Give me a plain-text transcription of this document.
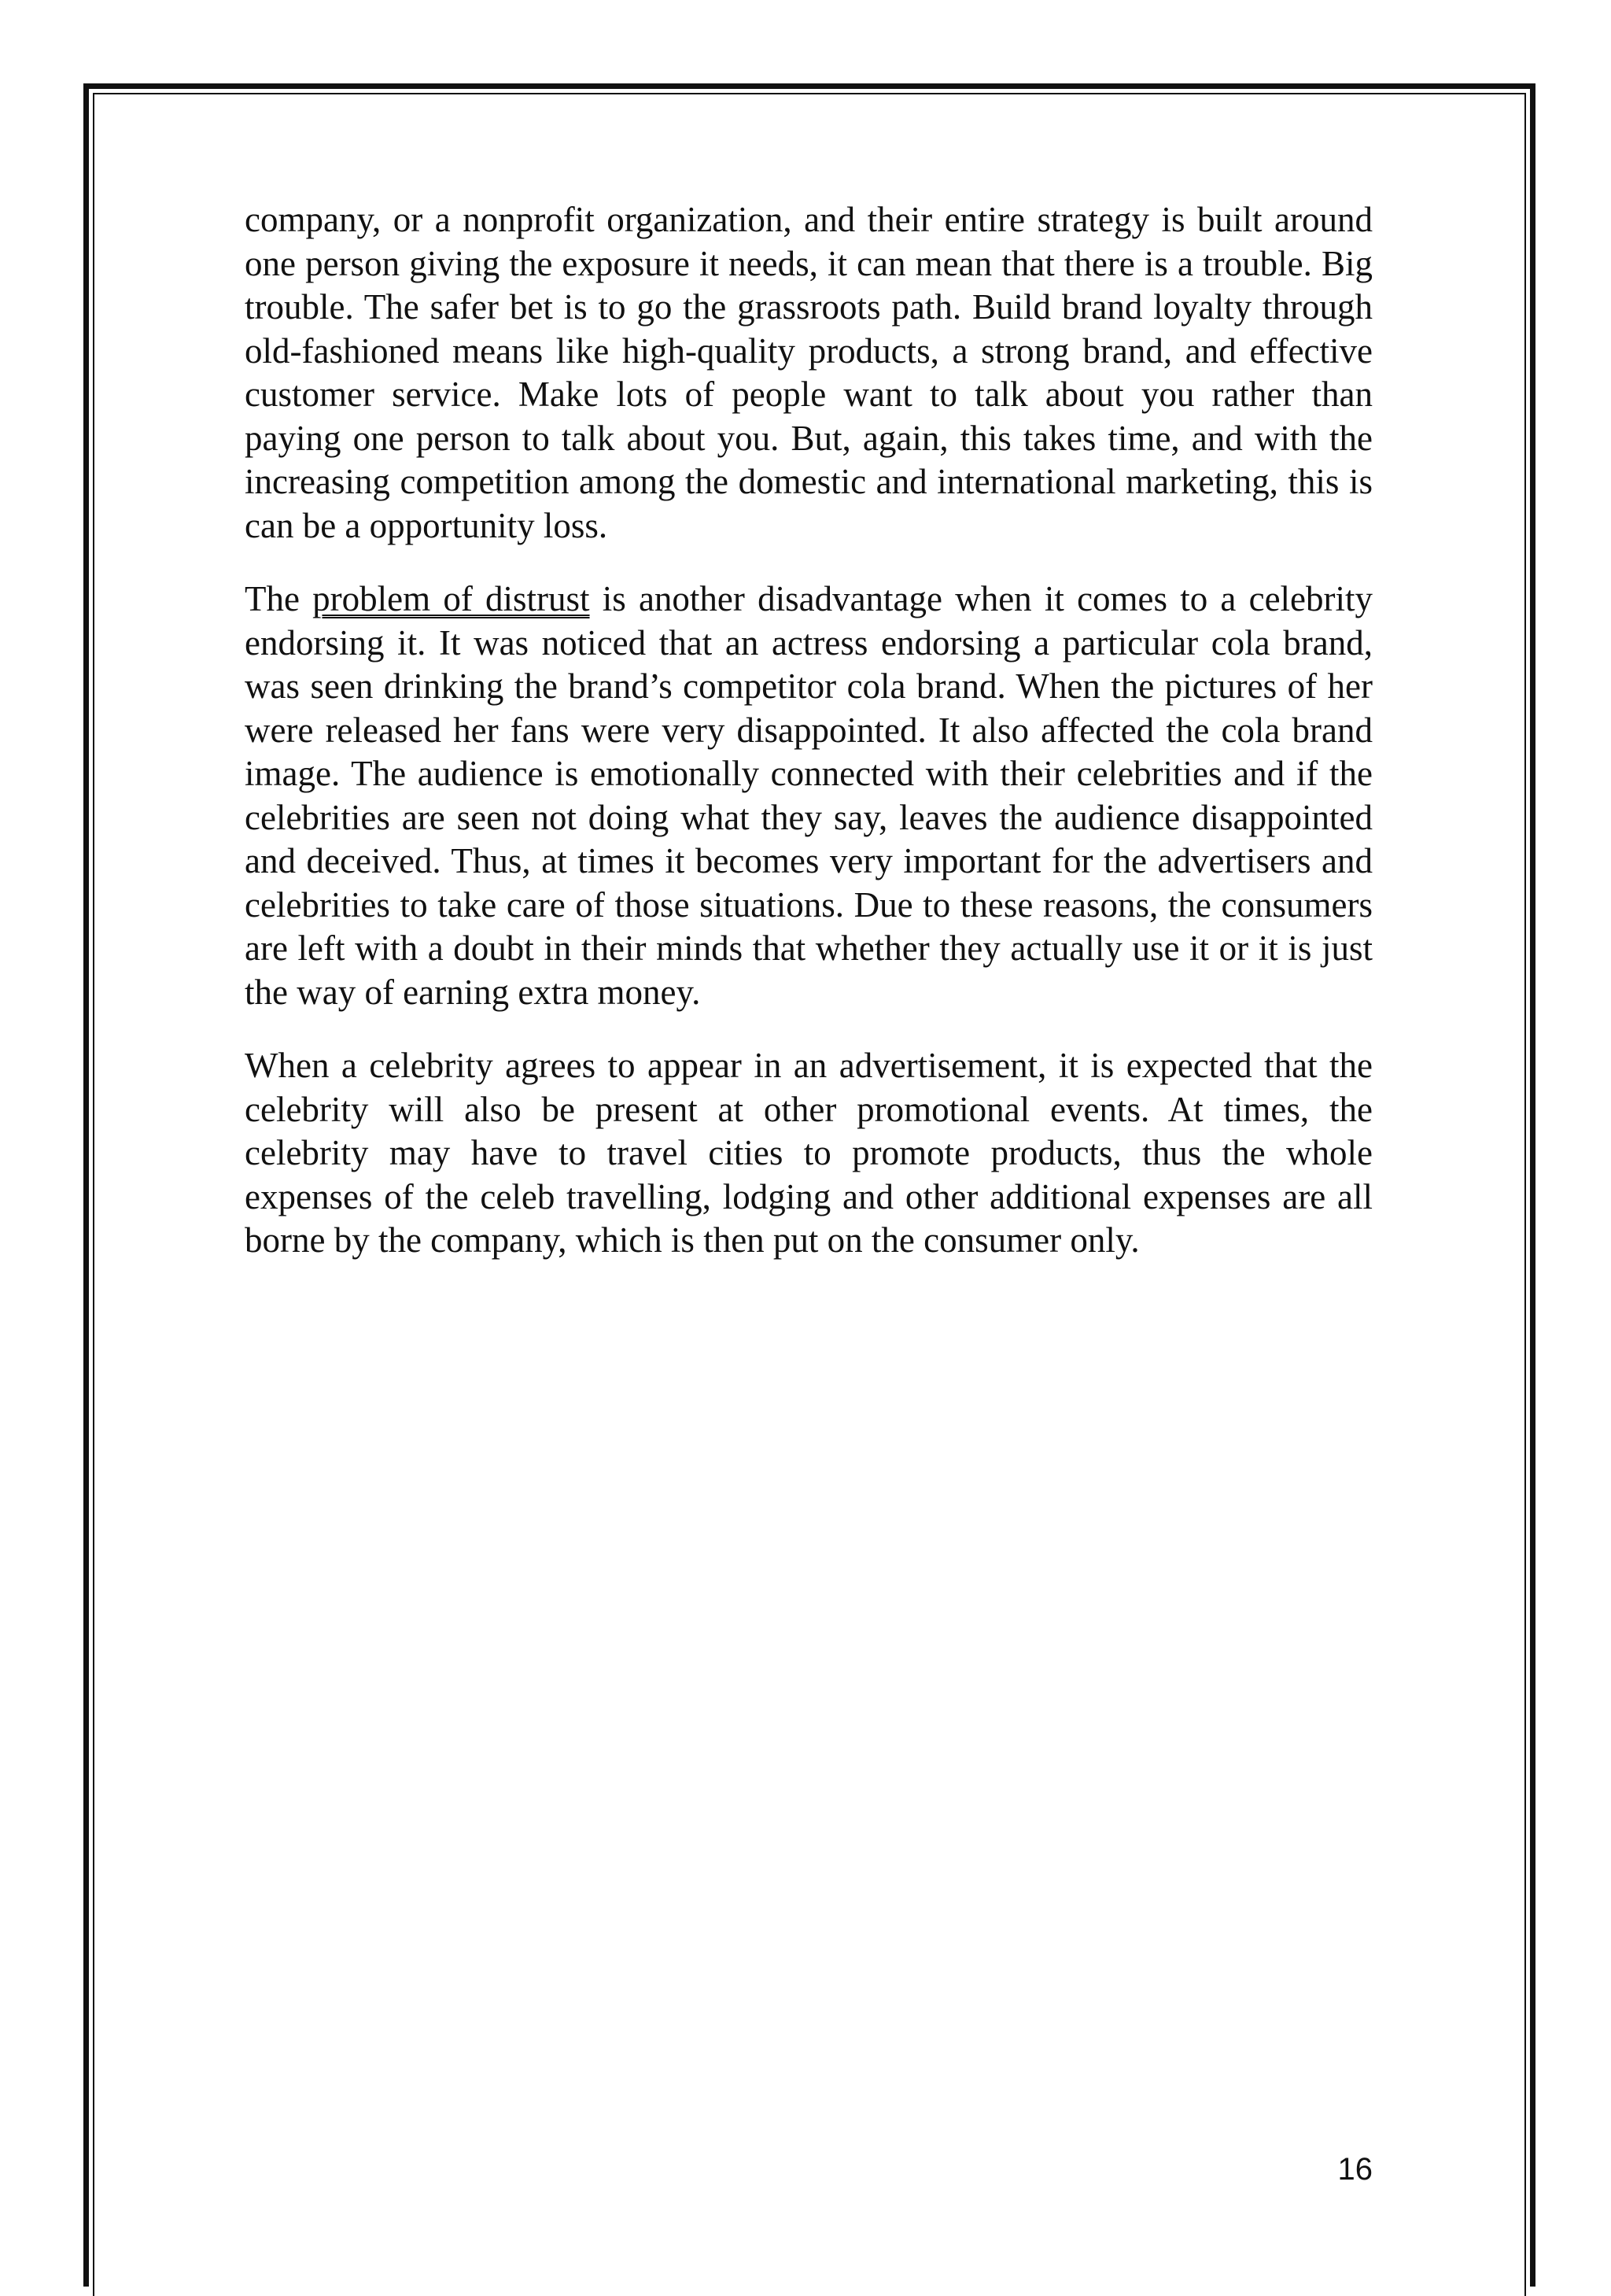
company, or a nonprofit organization, and their entire strategy is built around one person giving the exposure it needs, it can mean that there is a trouble. Big trouble. The safer bet is to go the grassroots path. Build brand loyalty through old-fashioned means like high-quality products, a strong brand, and effective customer service. Make lots of people want to talk about you rather than paying one person to talk about you. But, again, this takes time, and with the increasing competition among the domestic and international marketing, this is can be a opportunity loss.

The problem of distrust is another disadvantage when it comes to a celebrity endorsing it. It was noticed that an actress endorsing a particular cola brand, was seen drinking the brand’s competitor cola brand. When the pictures of her were released her fans were very disappointed. It also affected the cola brand image. The audience is emotionally connected with their celebrities and if the celebrities are seen not doing what they say, leaves the audience disappointed and deceived. Thus, at times it becomes very important for the advertisers and celebrities to take care of those situations. Due to these reasons, the consumers are left with a doubt in their minds that whether they actually use it or it is just the way of earning extra money.

When a celebrity agrees to appear in an advertisement, it is expected that the celebrity will also be present at other promotional events. At times, the celebrity may have to travel cities to promote products, thus the whole expenses of the celeb travelling, lodging and other additional expenses are all borne by the company, which is then put on the consumer only.

16
